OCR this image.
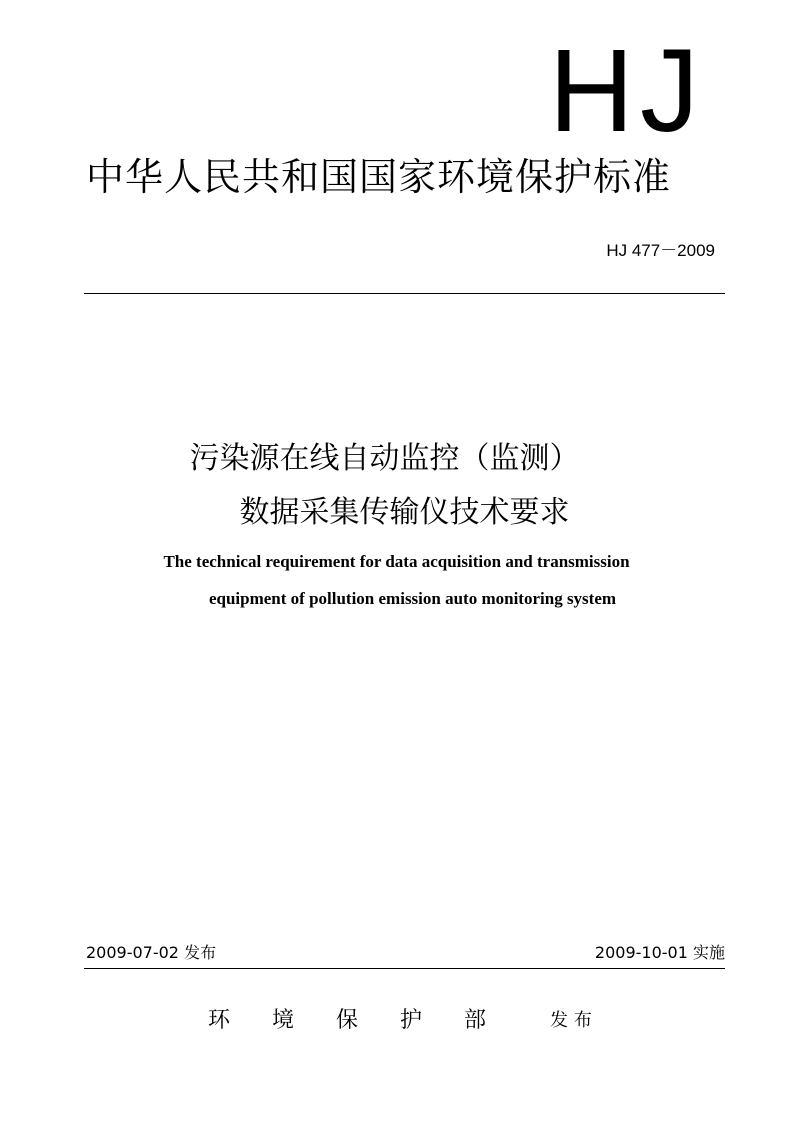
HJ
中华人民共和国国家环境保护标准
HJ 477－2009
污染源在线自动监控（监测）
数据采集传输仪技术要求
The technical requirement for data acquisition and transmission
equipment of pollution emission auto monitoring system
2009-07-02 发布	2009-10-01 实施
环境保护部 发布
